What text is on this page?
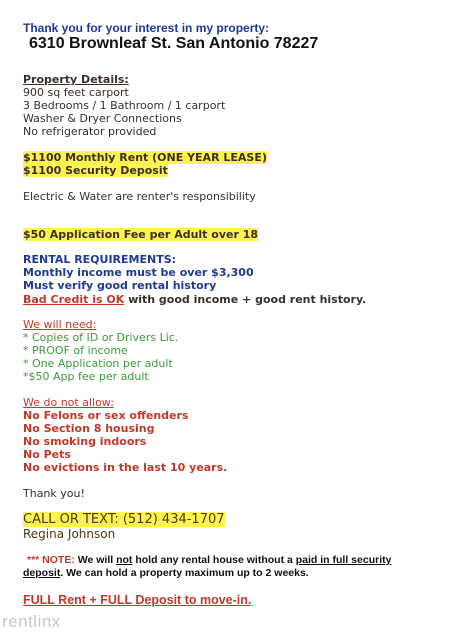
Thank you for your interest in my property:
6310 Brownleaf St. San Antonio 78227
Property Details:
900 sq feet carport
3 Bedrooms / 1 Bathroom / 1 carport
Washer & Dryer Connections
No refrigerator provided
$1100 Monthly Rent (ONE YEAR LEASE)
$1100 Security Deposit
Electric & Water are renter's responsibility
$50 Application Fee per Adult over 18
RENTAL REQUIREMENTS:
Monthly income must be over $3,300
Must verify good rental history
Bad Credit is OK with good income + good rent history.
We will need:
* Copies of ID or Drivers Lic.
* PROOF of income
* One Application per adult
*$50 App fee per adult
We do not allow:
No Felons or sex offenders
No Section 8 housing
No smoking indoors
No Pets
No evictions in the last 10 years.
Thank you!
CALL OR TEXT: (512) 434-1707
Regina Johnson
*** NOTE: We will not hold any rental house without a paid in full security
deposit. We can hold a property maximum up to 2 weeks.
FULL Rent + FULL Deposit to move-in.
rentlinx
